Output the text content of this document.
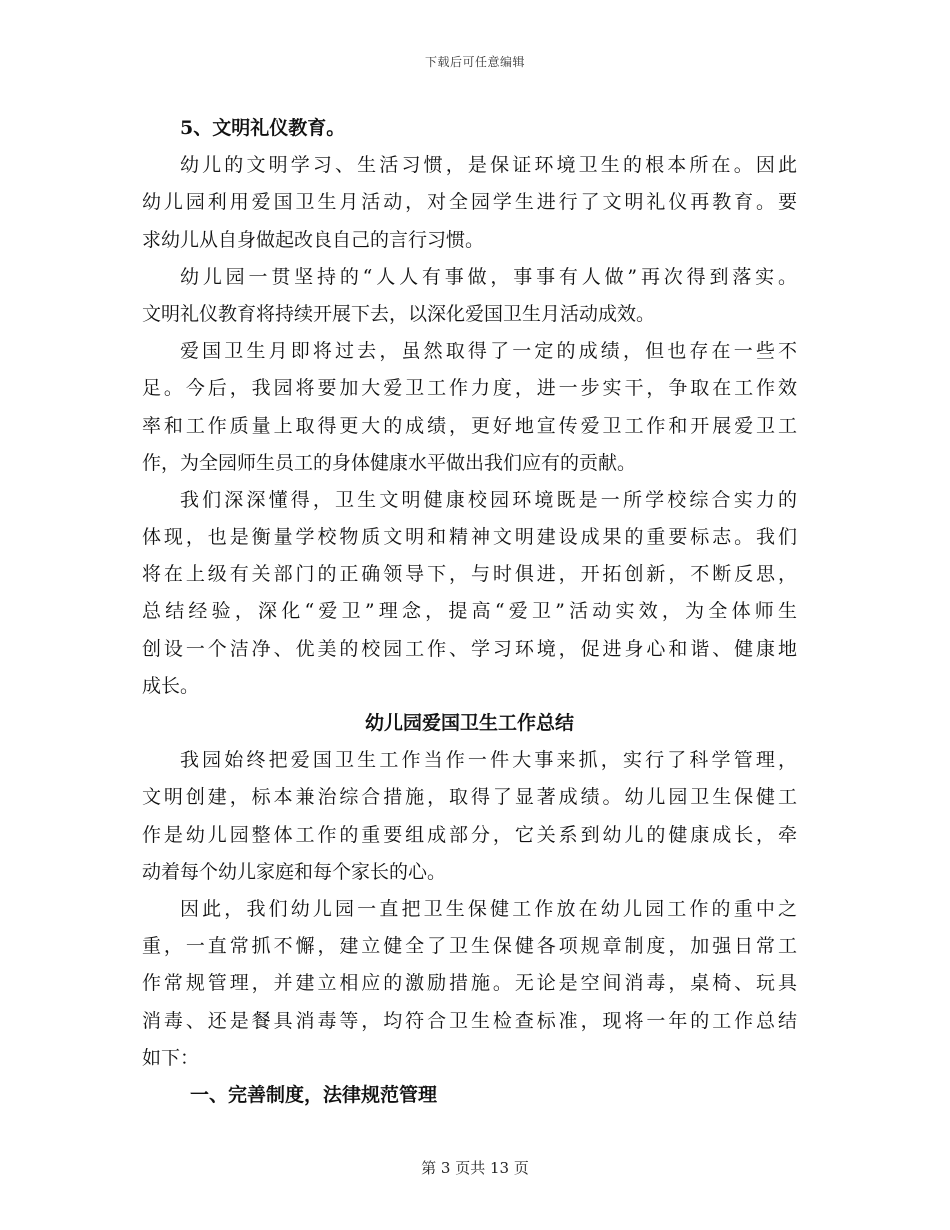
下载后可任意编辑
5、文明礼仪教育。
幼儿的文明学习、生活习惯，是保证环境卫生的根本所在。因此
幼儿园利用爱国卫生月活动，对全园学生进行了文明礼仪再教育。要
求幼儿从自身做起改良自己的言行习惯。
幼儿园一贯坚持的“人人有事做，事事有人做”再次得到落实。
文明礼仪教育将持续开展下去，以深化爱国卫生月活动成效。
爱国卫生月即将过去，虽然取得了一定的成绩，但也存在一些不
足。今后，我园将要加大爱卫工作力度，进一步实干，争取在工作效
率和工作质量上取得更大的成绩，更好地宣传爱卫工作和开展爱卫工
作，为全园师生员工的身体健康水平做出我们应有的贡献。
我们深深懂得，卫生文明健康校园环境既是一所学校综合实力的
体现，也是衡量学校物质文明和精神文明建设成果的重要标志。我们
将在上级有关部门的正确领导下，与时俱进，开拓创新，不断反思，
总结经验，深化“爱卫”理念，提高“爱卫”活动实效，为全体师生
创设一个洁净、优美的校园工作、学习环境，促进身心和谐、健康地
成长。
幼儿园爱国卫生工作总结
我园始终把爱国卫生工作当作一件大事来抓，实行了科学管理，
文明创建，标本兼治综合措施，取得了显著成绩。幼儿园卫生保健工
作是幼儿园整体工作的重要组成部分，它关系到幼儿的健康成长，牵
动着每个幼儿家庭和每个家长的心。
因此，我们幼儿园一直把卫生保健工作放在幼儿园工作的重中之
重，一直常抓不懈，建立健全了卫生保健各项规章制度，加强日常工
作常规管理，并建立相应的激励措施。无论是空间消毒，桌椅、玩具
消毒、还是餐具消毒等，均符合卫生检查标准，现将一年的工作总结
如下：
一、完善制度，法律规范管理
第 3 页共 13 页
